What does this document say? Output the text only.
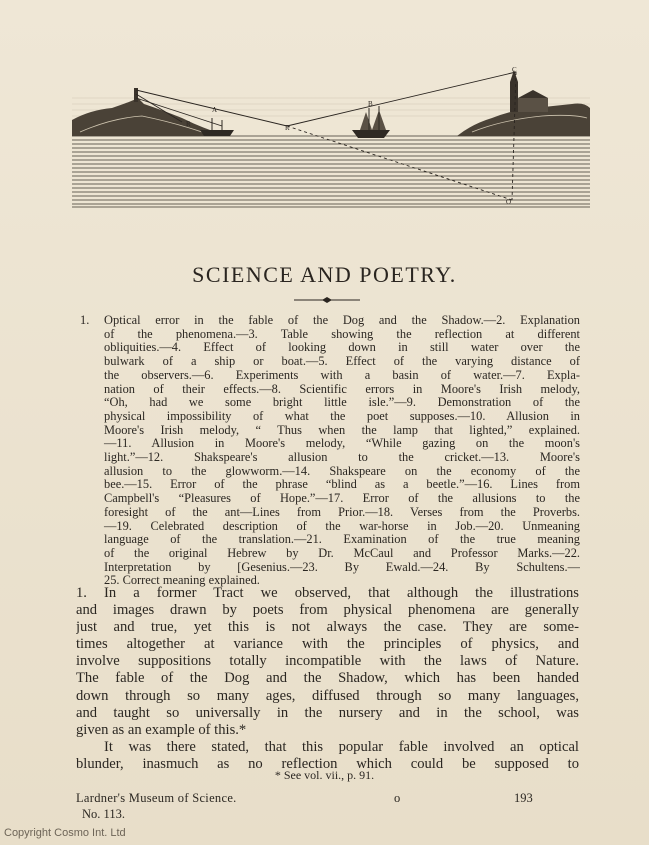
C
A
B
R	R
O
SCIENCE AND POETRY.
1. Optical error in the fable of the Dog and the Shadow.—2. Explanation
of the phenomena.—3. Table showing the reflection at different
obliquities.—4. Effect of looking down in still water over the
bulwark of a ship or boat.—5. Effect of the varying distance of
the observers.—6. Experiments with a basin of water.—7. Expla-
nation of their effects.—8. Scientific errors in Moore's Irish melody,
“Oh, had we some bright little isle.”—9. Demonstration of the
physical impossibility of what the poet supposes.—10. Allusion in
Moore's Irish melody, “ Thus when the lamp that lighted,” explained.
—11. Allusion in Moore's melody, “While gazing on the moon's
light.”—12. Shakspeare's allusion to the cricket.—13. Moore's
allusion to the glowworm.—14. Shakspeare on the economy of the
bee.—15. Error of the phrase “blind as a beetle.”—16. Lines from
Campbell's “Pleasures of Hope.”—17. Error of the allusions to the
foresight of the ant—Lines from Prior.—18. Verses from the Proverbs.
—19. Celebrated description of the war-horse in Job.—20. Unmeaning
language of the translation.—21. Examination of the true meaning
of the original Hebrew by Dr. McCaul and Professor Marks.—22.
Interpretation by [Gesenius.—23. By Ewald.—24. By Schultens.—
25. Correct meaning explained.
1. In a former Tract we observed, that although the illustrations
and images drawn by poets from physical phenomena are generally
just and true, yet this is not always the case. They are some-
times altogether at variance with the principles of physics, and
involve suppositions totally incompatible with the laws of Nature.
The fable of the Dog and the Shadow, which has been handed
down through so many ages, diffused through so many languages,
and taught so universally in the nursery and in the school, was
given as an example of this.*
It was there stated, that this popular fable involved an optical
blunder, inasmuch as no reflection which could be supposed to
* See vol. vii., p. 91.
Lardner's Museum of Science.	o	193
No. 113.
Copyright Cosmo Int. Ltd
